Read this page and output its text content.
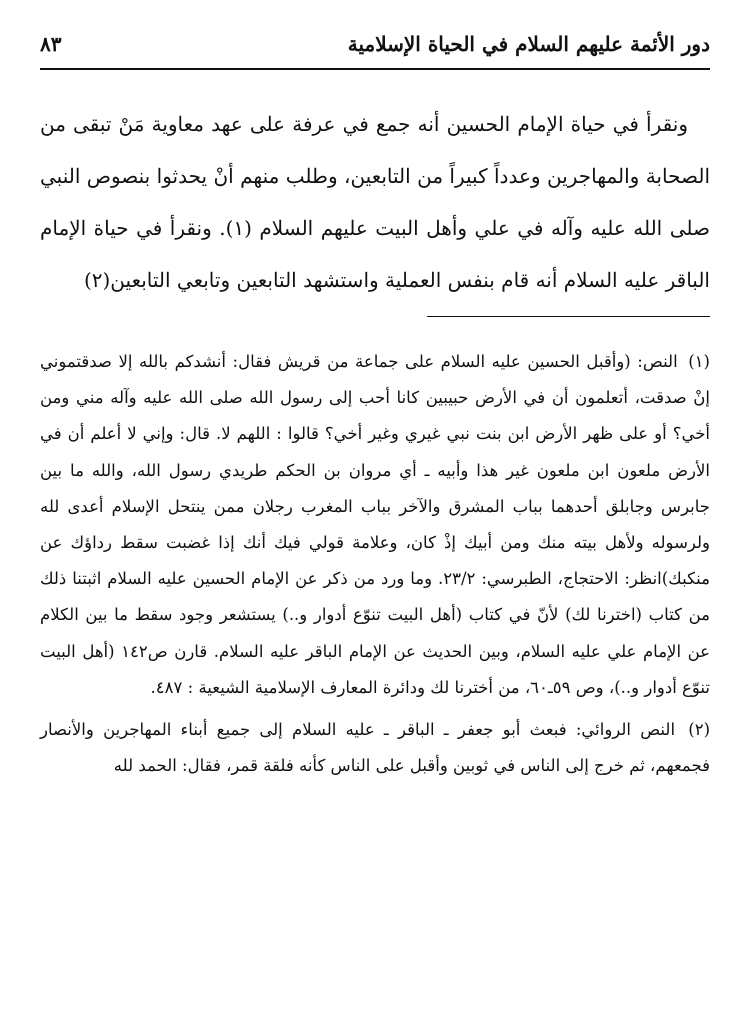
دور الأئمة عليهم السلام في الحياة الإسلامية
٨٣

ونقرأ في حياة الإمام الحسين أنه جمع في عرفة على عهد معاوية مَنْ تبقى من الصحابة والمهاجرين وعدداً كبيراً من التابعين، وطلب منهم أنْ يحدثوا بنصوص النبي صلى الله عليه وآله في علي وأهل البيت عليهم السلام (١). ونقرأ في حياة الإمام الباقر عليه السلام أنه قام بنفس العملية واستشهد التابعين وتابعي التابعين(٢)

(١) النص: (وأقبل الحسين عليه السلام على جماعة من قريش فقال: أنشدكم بالله إلا صدقتموني إنْ صدقت، أتعلمون أن في الأرض حبيبين كانا أحب إلى رسول الله صلى الله عليه وآله مني ومن أخي؟ أو على ظهر الأرض ابن بنت نبي غيري وغير أخي؟ قالوا : اللهم لا. قال: وإني لا أعلم أن في الأرض ملعون ابن ملعون غير هذا وأبيه ـ أي مروان بن الحكم طريدي رسول الله، والله ما بين جابرس وجابلق أحدهما بباب المشرق والآخر بباب المغرب رجلان ممن ينتحل الإسلام أعدى لله ولرسوله ولأهل بيته منك ومن أبيك إذْ كان، وعلامة قولي فيك أنك إذا غضبت سقط رداؤك عن منكبك)انظر: الاحتجاج، الطبرسي: ٢٣/٢. وما ورد من ذكر عن الإمام الحسين عليه السلام اثبتنا ذلك من كتاب (اخترنا لك) لأنّ في كتاب (أهل البيت تنوّع أدوار و..) يستشعر وجود سقط ما بين الكلام عن الإمام علي عليه السلام، وبين الحديث عن الإمام الباقر عليه السلام. قارن ص١٤٢ (أهل البيت تنوّع أدوار و..)، وص ٥٩ـ٦٠، من أخترنا لك ودائرة المعارف الإسلامية الشيعية : ٤٨٧.

(٢) النص الروائي: فبعث أبو جعفر ـ الباقر ـ عليه السلام إلى جميع أبناء المهاجرين والأنصار فجمعهم، ثم خرج إلى الناس في ثوبين وأقبل على الناس كأنه فلقة قمر، فقال: الحمد لله
